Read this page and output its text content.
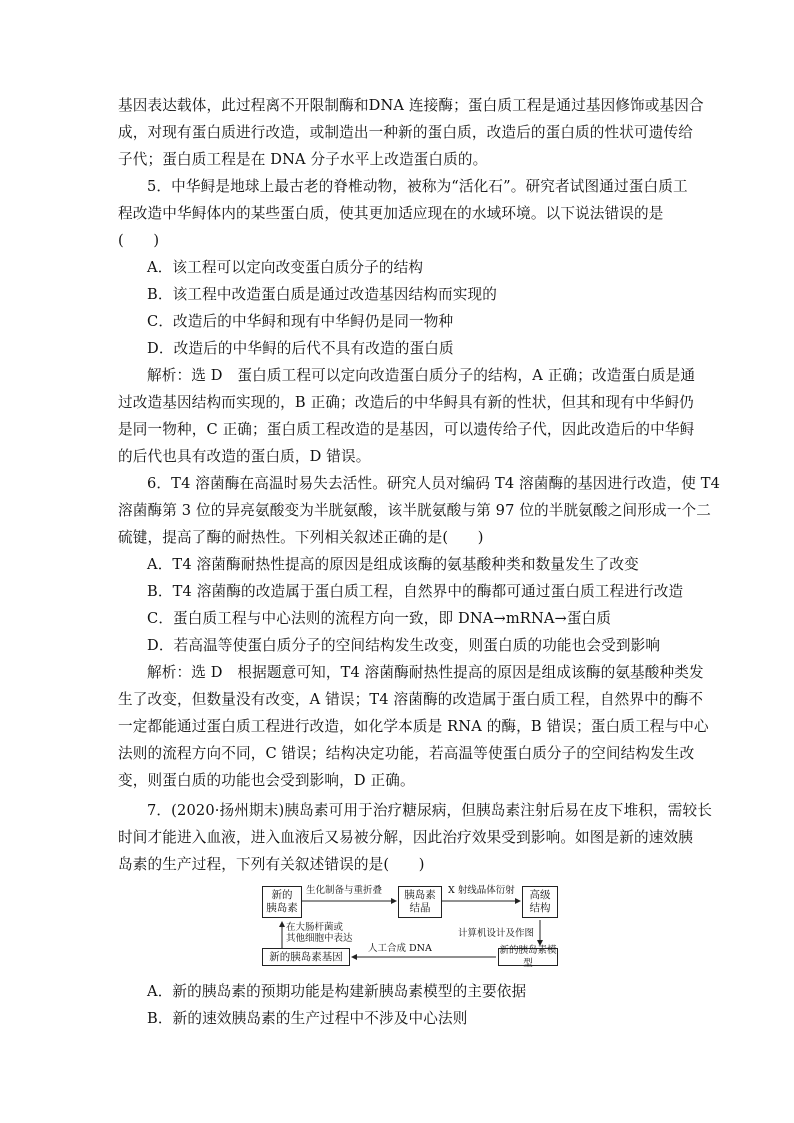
基因表达载体，此过程离不开限制酶和DNA 连接酶；蛋白质工程是通过基因修饰或基因合
成，对现有蛋白质进行改造，或制造出一种新的蛋白质，改造后的蛋白质的性状可遗传给
子代；蛋白质工程是在 DNA 分子水平上改造蛋白质的。
5．中华鲟是地球上最古老的脊椎动物，被称为“活化石”。研究者试图通过蛋白质工
程改造中华鲟体内的某些蛋白质，使其更加适应现在的水域环境。以下说法错误的是
(　　)
A．该工程可以定向改变蛋白质分子的结构
B．该工程中改造蛋白质是通过改造基因结构而实现的
C．改造后的中华鲟和现有中华鲟仍是同一物种
D．改造后的中华鲟的后代不具有改造的蛋白质
解析：选 D　蛋白质工程可以定向改造蛋白质分子的结构，A 正确；改造蛋白质是通
过改造基因结构而实现的，B 正确；改造后的中华鲟具有新的性状，但其和现有中华鲟仍
是同一物种，C 正确；蛋白质工程改造的是基因，可以遗传给子代，因此改造后的中华鲟
的后代也具有改造的蛋白质，D 错误。
6．T4 溶菌酶在高温时易失去活性。研究人员对编码 T4 溶菌酶的基因进行改造，使 T4
溶菌酶第 3 位的异亮氨酸变为半胱氨酸，该半胱氨酸与第 97 位的半胱氨酸之间形成一个二
硫键，提高了酶的耐热性。下列相关叙述正确的是(　　)
A．T4 溶菌酶耐热性提高的原因是组成该酶的氨基酸种类和数量发生了改变
B．T4 溶菌酶的改造属于蛋白质工程，自然界中的酶都可通过蛋白质工程进行改造
C．蛋白质工程与中心法则的流程方向一致，即 DNA→mRNA→蛋白质
D．若高温等使蛋白质分子的空间结构发生改变，则蛋白质的功能也会受到影响
解析：选 D　根据题意可知，T4 溶菌酶耐热性提高的原因是组成该酶的氨基酸种类发
生了改变，但数量没有改变，A 错误；T4 溶菌酶的改造属于蛋白质工程，自然界中的酶不
一定都能通过蛋白质工程进行改造，如化学本质是 RNA 的酶，B 错误；蛋白质工程与中心
法则的流程方向不同，C 错误；结构决定功能，若高温等使蛋白质分子的空间结构发生改
变，则蛋白质的功能也会受到影响，D 正确。
7．(2020·扬州期末)胰岛素可用于治疗糖尿病，但胰岛素注射后易在皮下堆积，需较长
时间才能进入血液，进入血液后又易被分解，因此治疗效果受到影响。如图是新的速效胰
岛素的生产过程，下列有关叙述错误的是(　　)
新的
胰岛素
胰岛素
结晶
高级
结构
新的胰岛素模型
新的胰岛素基因
生化制备与重折叠	X 射线晶体衍射
计算机设计及作图
人工合成 DNA
在大肠杆菌或
其他细胞中表达
A．新的胰岛素的预期功能是构建新胰岛素模型的主要依据
B．新的速效胰岛素的生产过程中不涉及中心法则
